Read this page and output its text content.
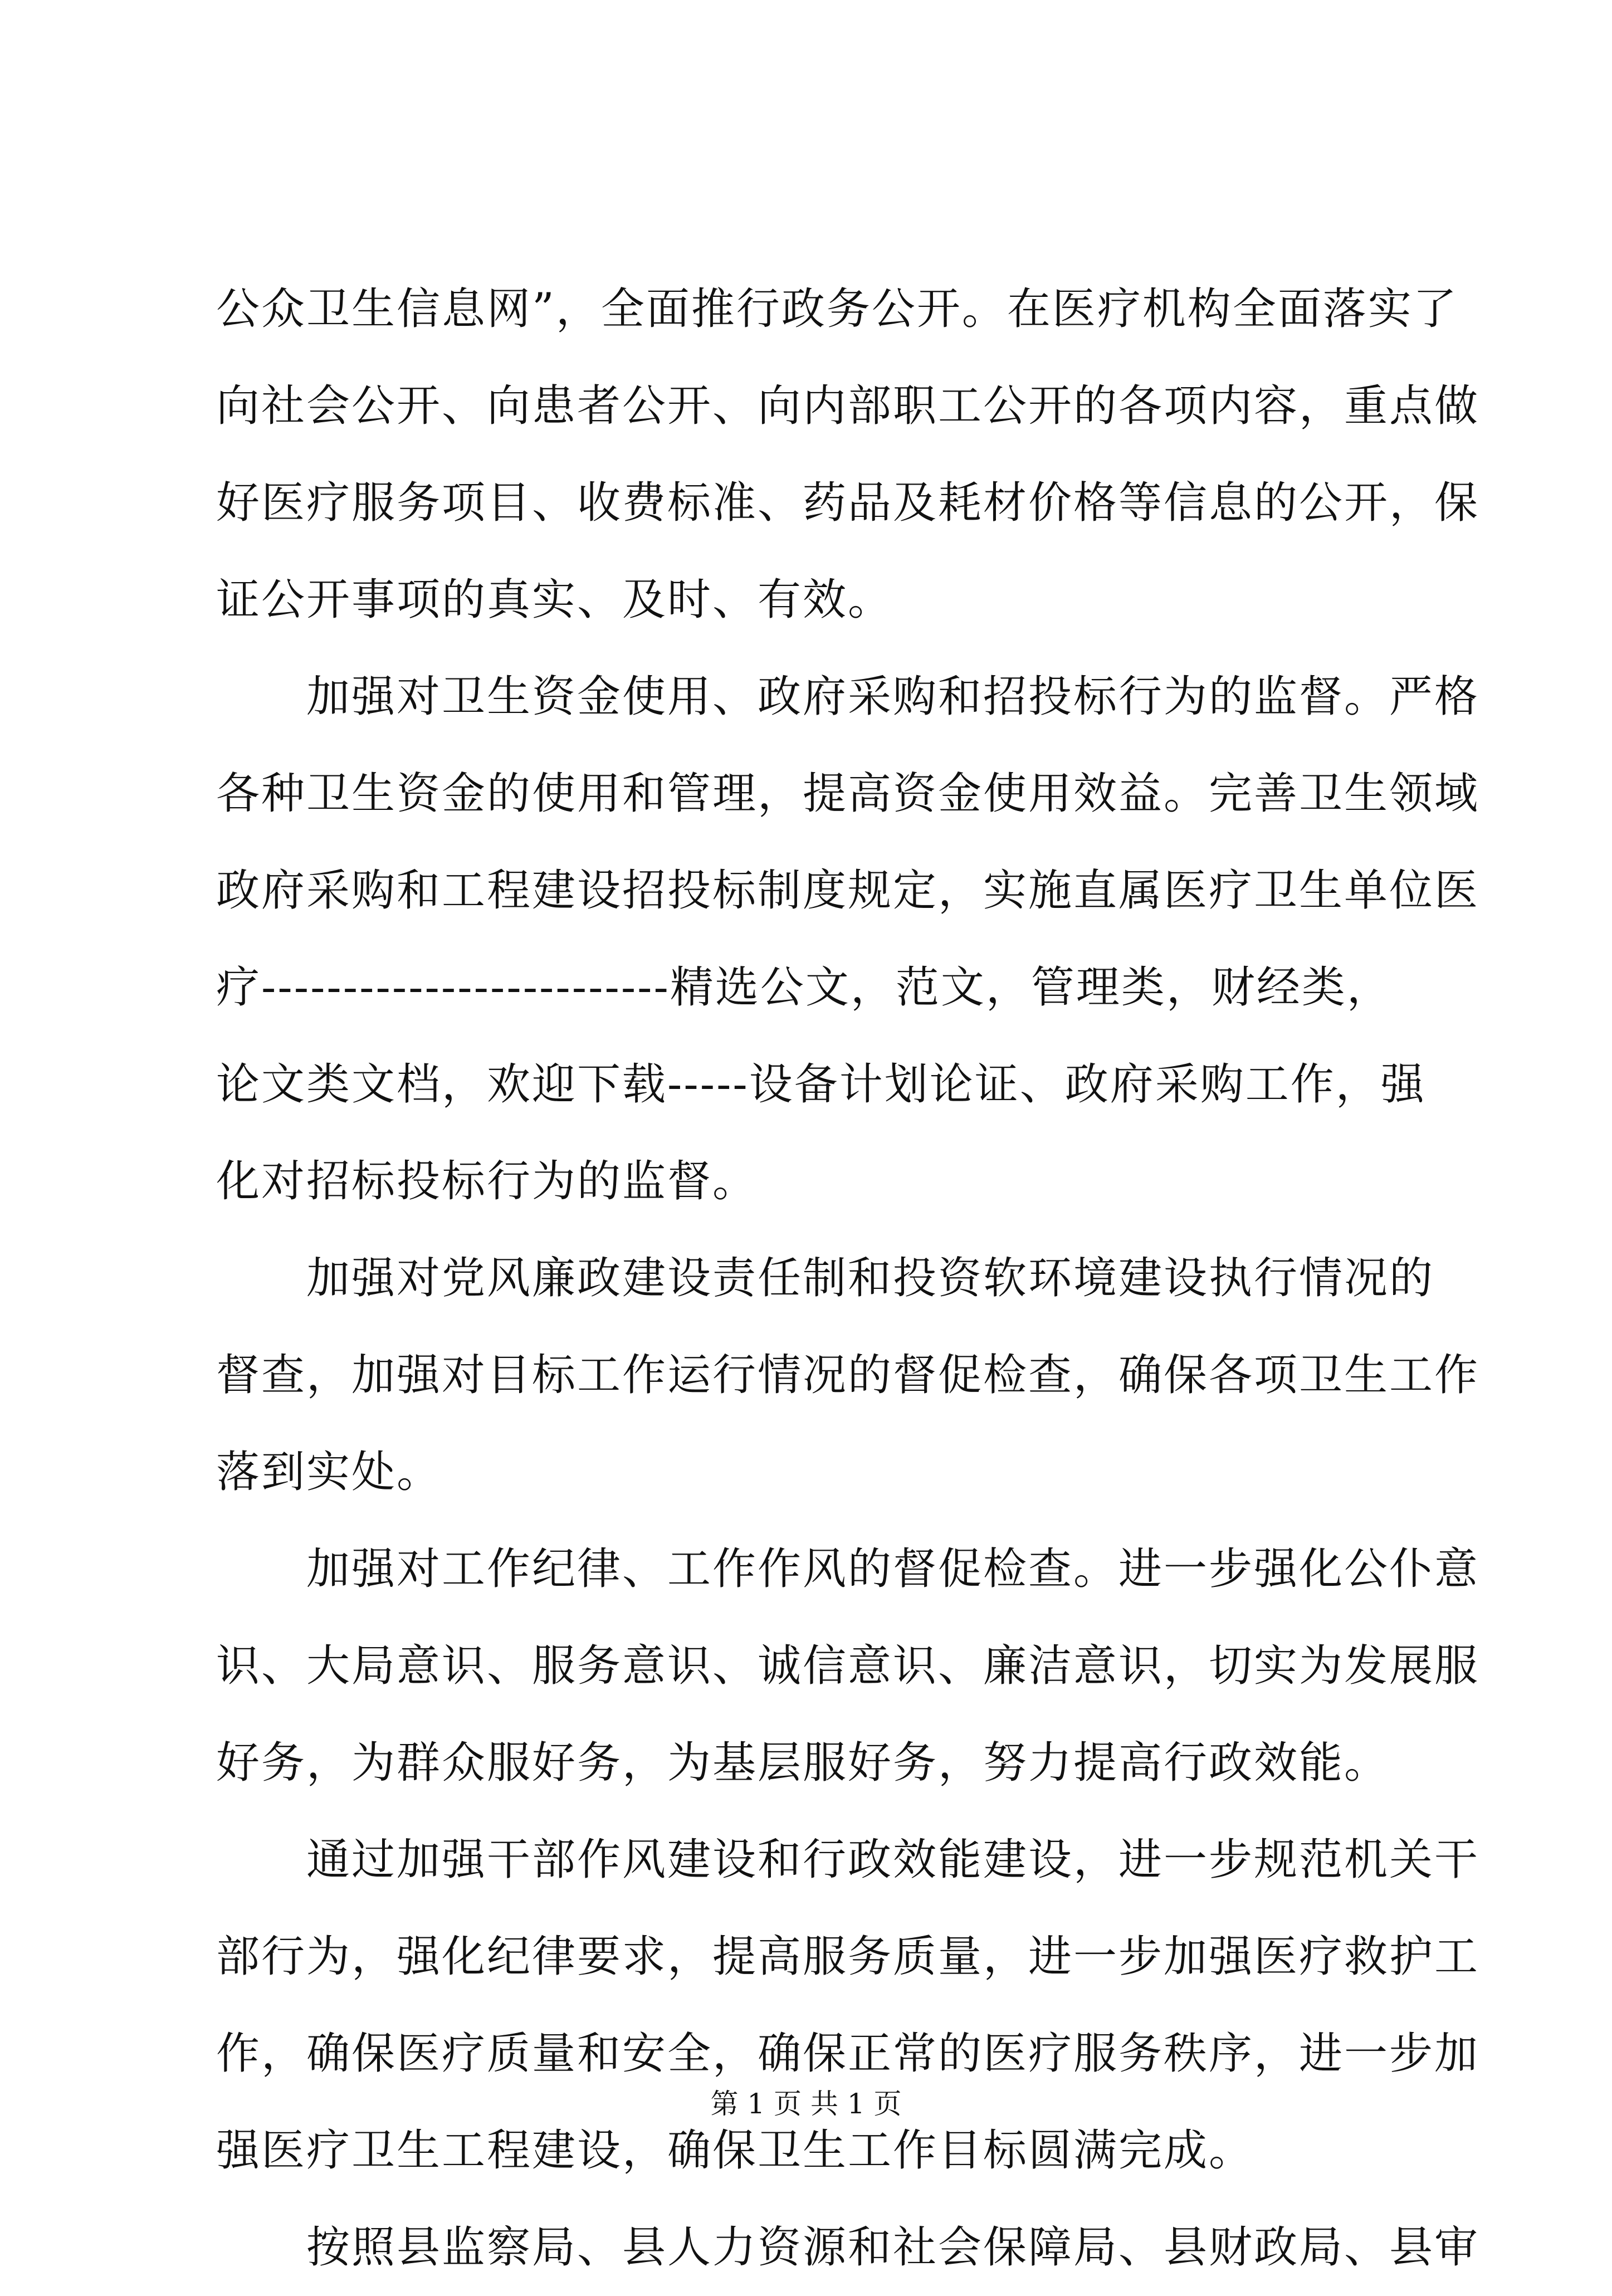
公众卫生信息网”，全面推行政务公开。在医疗机构全面落实了
向社会公开、向患者公开、向内部职工公开的各项内容，重点做
好医疗服务项目、收费标准、药品及耗材价格等信息的公开，保
证公开事项的真实、及时、有效。
　　加强对卫生资金使用、政府采购和招投标行为的监督。严格
各种卫生资金的使用和管理，提高资金使用效益。完善卫生领域
政府采购和工程建设招投标制度规定，实施直属医疗卫生单位医
疗-------------------------精选公文，范文，管理类，财经类，
论文类文档，欢迎下载-----设备计划论证、政府采购工作，强
化对招标投标行为的监督。
　　加强对党风廉政建设责任制和投资软环境建设执行情况的
督查，加强对目标工作运行情况的督促检查，确保各项卫生工作
落到实处。
　　加强对工作纪律、工作作风的督促检查。进一步强化公仆意
识、大局意识、服务意识、诚信意识、廉洁意识，切实为发展服
好务，为群众服好务，为基层服好务，努力提高行政效能。
　　通过加强干部作风建设和行政效能建设，进一步规范机关干
部行为，强化纪律要求，提高服务质量，进一步加强医疗救护工
作，确保医疗质量和安全，确保正常的医疗服务秩序，进一步加
强医疗卫生工程建设，确保卫生工作目标圆满完成。
　　按照县监察局、县人力资源和社会保障局、县财政局、县审
第 1 页 共 1 页
